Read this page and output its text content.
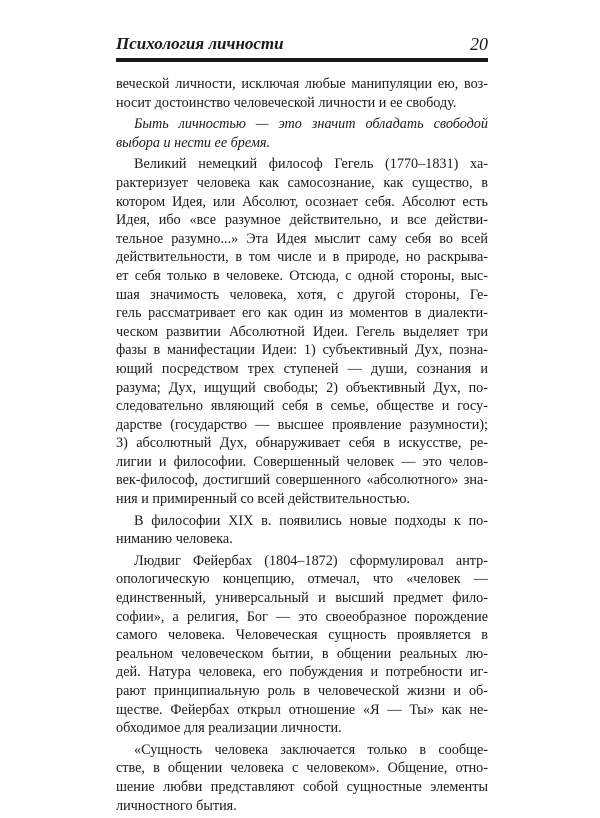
Психология личности	20
веческой личности, исключая любые манипуляции ею, воз-
носит достоинство человеческой личности и ее свободу.
Быть личностью — это значит обладать свободой
выбора и нести ее бремя.
Великий немецкий философ Гегель (1770–1831) ха-
рактеризует человека как самосознание, как существо, в
котором Идея, или Абсолют, осознает себя. Абсолют есть
Идея, ибо «все разумное действительно, и все действи-
тельное разумно...» Эта Идея мыслит саму себя во всей
действительности, в том числе и в природе, но раскрыва-
ет себя только в человеке. Отсюда, с одной стороны, выс-
шая значимость человека, хотя, с другой стороны, Ге-
гель рассматривает его как один из моментов в диалекти-
ческом развитии Абсолютной Идеи. Гегель выделяет три
фазы в манифестации Идеи: 1) субъективный Дух, позна-
ющий посредством трех ступеней — души, сознания и
разума; Дух, ищущий свободы; 2) объективный Дух, по-
следовательно являющий себя в семье, обществе и госу-
дарстве (государство — высшее проявление разумности);
3) абсолютный Дух, обнаруживает себя в искусстве, ре-
лигии и философии. Совершенный человек — это челов-
век-философ, достигший совершенного «абсолютного» зна-
ния и примиренный со всей действительностью.
В философии XIX в. появились новые подходы к по-
ниманию человека.
Людвиг Фейербах (1804–1872) сформулировал антр-
опологическую концепцию, отмечал, что «человек —
единственный, универсальный и высший предмет фило-
софии», а религия, Бог — это своеобразное порождение
самого человека. Человеческая сущность проявляется в
реальном человеческом бытии, в общении реальных лю-
дей. Натура человека, его побуждения и потребности иг-
рают принципиальную роль в человеческой жизни и об-
ществе. Фейербах открыл отношение «Я — Ты» как не-
обходимое для реализации личности.
«Сущность человека заключается только в сообще-
стве, в общении человека с человеком». Общение, отно-
шение любви представляют собой сущностные элементы
личностного бытия.
